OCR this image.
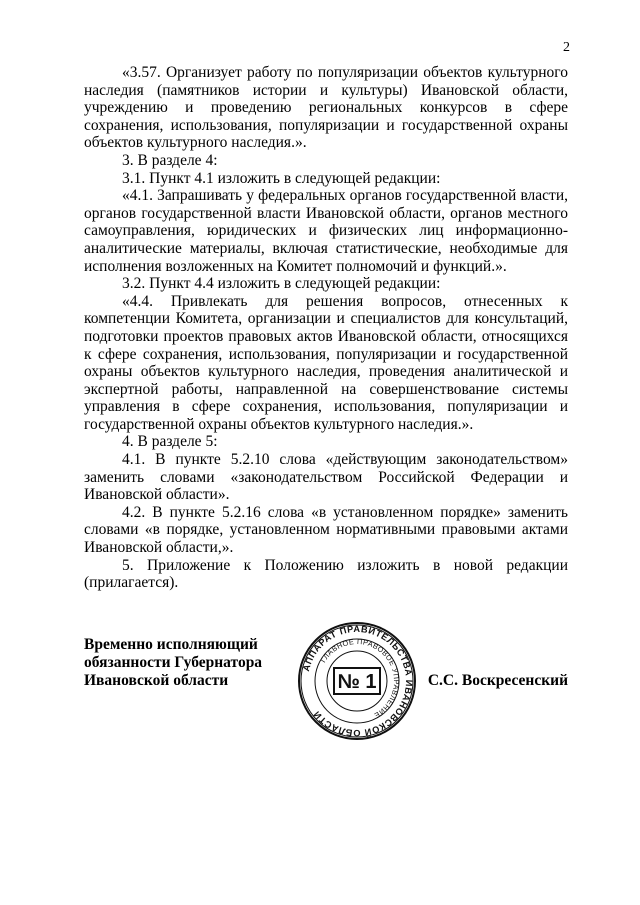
2

«3.57. Организует работу по популяризации объектов культурного наследия (памятников истории и культуры) Ивановской области, учреждению и проведению региональных конкурсов в сфере сохранения, использования, популяризации и государственной охраны объектов культурного наследия.».

3. В разделе 4:

3.1. Пункт 4.1 изложить в следующей редакции:

«4.1. Запрашивать у федеральных органов государственной власти, органов государственной власти Ивановской области, органов местного самоуправления, юридических и физических лиц информационно-аналитические материалы, включая статистические, необходимые для исполнения возложенных на Комитет полномочий и функций.».

3.2. Пункт 4.4 изложить в следующей редакции:

«4.4. Привлекать для решения вопросов, отнесенных к компетенции Комитета, организации и специалистов для консультаций, подготовки проектов правовых актов Ивановской области, относящихся к сфере сохранения, использования, популяризации и государственной охраны объектов культурного наследия, проведения аналитической и экспертной работы, направленной на совершенствование системы управления в сфере сохранения, использования, популяризации и государственной охраны объектов культурного наследия.».

4. В разделе 5:

4.1. В пункте 5.2.10 слова «действующим законодательством» заменить словами «законодательством Российской Федерации и Ивановской области».

4.2. В пункте 5.2.16 слова «в установленном порядке» заменить словами «в порядке, установленном нормативными правовыми актами Ивановской области,».

5. Приложение к Положению изложить в новой редакции (прилагается).

Временно исполняющий
обязанности Губернатора
Ивановской области
АППАРАТ ПРАВИТЕЛЬСТВА ИВАНОВСКОЙ ОБЛАСТИ
ГЛАВНОЕ ПРАВОВОЕ УПРАВЛЕНИЕ
№ 1	С.С. Воскресенский
